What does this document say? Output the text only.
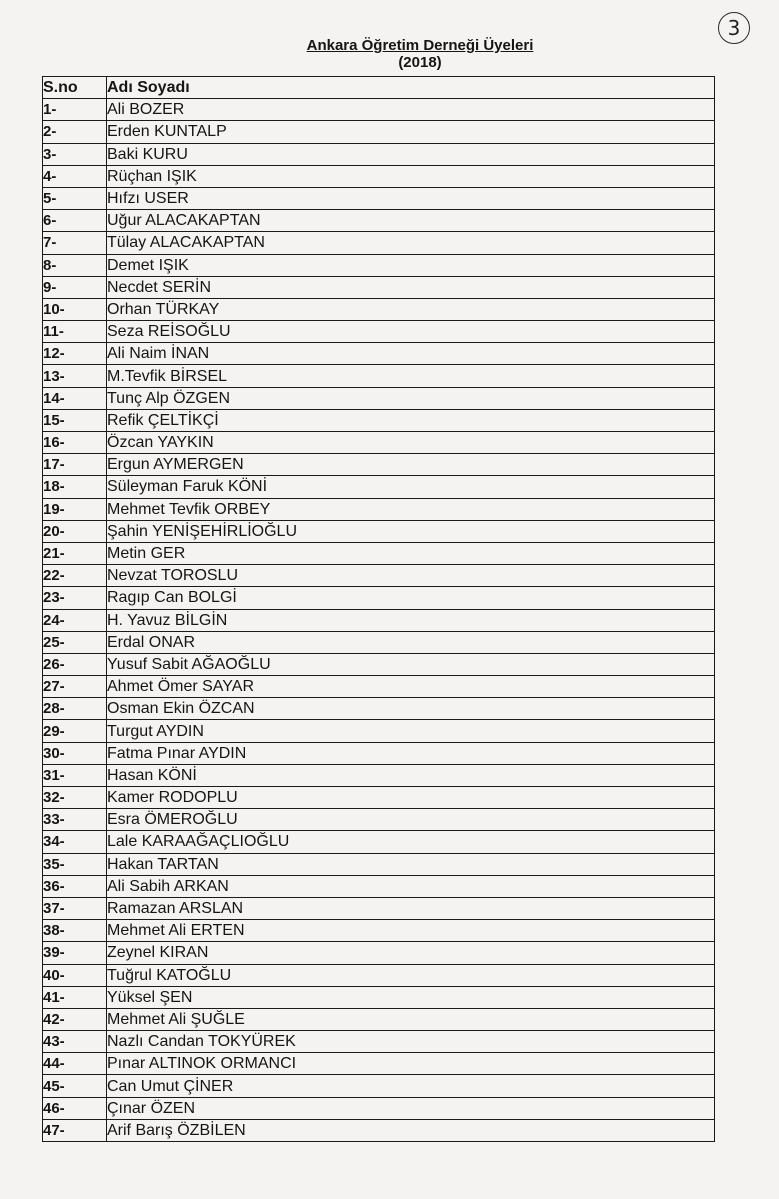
3
Ankara Öğretim Derneği Üyeleri
(2018)
S.no	Adı Soyadı
1-	Ali BOZER
2-	Erden KUNTALP
3-	Baki KURU
4-	Rüçhan IŞIK
5-	Hıfzı USER
6-	Uğur ALACAKAPTAN
7-	Tülay ALACAKAPTAN
8-	Demet IŞIK
9-	Necdet SERİN
10-	Orhan TÜRKAY
11-	Seza REİSOĞLU
12-	Ali Naim İNAN
13-	M.Tevfik BİRSEL
14-	Tunç Alp ÖZGEN
15-	Refik ÇELTİKÇİ
16-	Özcan YAYKIN
17-	Ergun AYMERGEN
18-	Süleyman Faruk KÖNİ
19-	Mehmet Tevfik ORBEY
20-	Şahin YENİŞEHİRLİOĞLU
21-	Metin GER
22-	Nevzat TOROSLU
23-	Ragıp Can BOLGİ
24-	H. Yavuz BİLGİN
25-	Erdal ONAR
26-	Yusuf Sabit AĞAOĞLU
27-	Ahmet Ömer SAYAR
28-	Osman Ekin ÖZCAN
29-	Turgut AYDIN
30-	Fatma Pınar AYDIN
31-	Hasan KÖNİ
32-	Kamer RODOPLU
33-	Esra ÖMEROĞLU
34-	Lale KARAAĞAÇLIOĞLU
35-	Hakan TARTAN
36-	Ali Sabih ARKAN
37-	Ramazan ARSLAN
38-	Mehmet Ali ERTEN
39-	Zeynel KIRAN
40-	Tuğrul KATOĞLU
41-	Yüksel ŞEN
42-	Mehmet Ali ŞUĞLE
43-	Nazlı Candan TOKYÜREK
44-	Pınar ALTINOK ORMANCI
45-	Can Umut ÇİNER
46-	Çınar ÖZEN
47-	Arif Barış ÖZBİLEN
